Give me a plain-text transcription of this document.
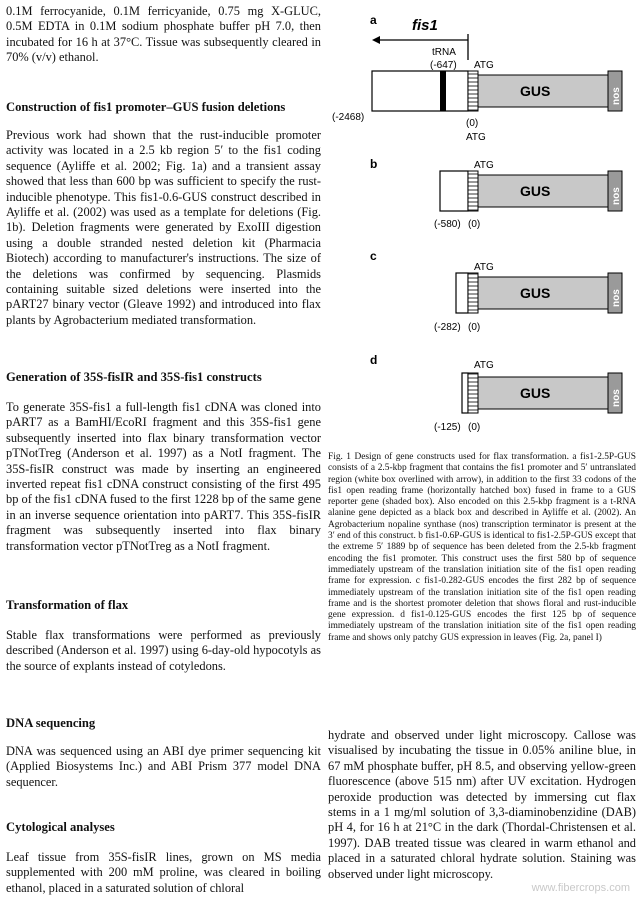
0.1M ferrocyanide, 0.1M ferricyanide, 0.75 mg X-GLUC, 0.5M EDTA in 0.1M sodium phosphate buffer pH 7.0, then incubated for 16 h at 37°C. Tissue was subsequently cleared in 70% (v/v) ethanol.

Construction of fis1 promoter–GUS fusion deletions

Previous work had shown that the rust-inducible promoter activity was located in a 2.5 kb region 5′ to the fis1 coding sequence (Ayliffe et al. 2002; Fig. 1a) and a transient assay showed that less than 600 bp was sufficient to specify the rust-inducible phenotype. This fis1-0.6-GUS construct described in Ayliffe et al. (2002) was used as a template for deletions (Fig. 1b). Deletion fragments were generated by ExoIII digestion using a double stranded nested deletion kit (Pharmacia Biotech) according to manufacturer's instructions. The size of the deletions was confirmed by sequencing. Plasmids containing suitable sized deletions were inserted into the pART27 binary vector (Gleave 1992) and introduced into flax plants by Agrobacterium mediated transformation.

Generation of 35S-fisIR and 35S-fis1 constructs

To generate 35S-fis1 a full-length fis1 cDNA was cloned into pART7 as a BamHI/EcoRI fragment and this 35S-fis1 gene subsequently inserted into flax binary transformation vector pTNotTreg (Anderson et al. 1997) as a NotI fragment. The 35S-fisIR construct was made by inserting an engineered inverted repeat fis1 cDNA construct consisting of the first 495 bp of the fis1 cDNA fused to the first 1228 bp of the same gene in an inverse sequence orientation into pART7. This 35S-fisIR fragment was subsequently inserted into flax binary transformation vector pTNotTreg as a NotI fragment.

Transformation of flax

Stable flax transformations were performed as previously described (Anderson et al. 1997) using 6-day-old hypocotyls as the source of explants instead of cotyledons.

DNA sequencing

DNA was sequenced using an ABI dye primer sequencing kit (Applied Biosystems Inc.) and ABI Prism 377 model DNA sequencer.

Cytological analyses

Leaf tissue from 35S-fisIR lines, grown on MS media supplemented with 200 mM proline, was cleared in boiling ethanol, placed in a saturated solution of chloral

a fis1
tRNA
(-647) ATG
GUS	nos
(-2468)
(0)
ATG
b	ATG
GUS	nos
(-580) (0)
c
ATG
GUS	nos
(-282) (0)
d	ATG
GUS	nos
(-125) (0)

Fig. 1 Design of gene constructs used for flax transformation. a fis1-2.5P-GUS consists of a 2.5-kbp fragment that contains the fis1 promoter and 5′ untranslated region (white box overlined with arrow), in addition to the first 33 codons of the fis1 open reading frame (horizontally hatched box) fused in frame to a GUS reporter gene (shaded box). Also encoded on this 2.5-kbp fragment is a t-RNA alanine gene depicted as a black box and described in Ayliffe et al. (2002). An Agrobacterium nopaline synthase (nos) transcription terminator is present at the 3′ end of this construct. b fis1-0.6P-GUS is identical to fis1-2.5P-GUS except that the extreme 5′ 1889 bp of sequence has been deleted from the 2.5-kb fragment encoding the fis1 promoter. This construct uses the first 580 bp of sequence immediately upstream of the translation initiation site of the fis1 open reading frame for expression. c fis1-0.282-GUS encodes the first 282 bp of sequence immediately upstream of the translation initiation site of the fis1 open reading frame and is the shortest promoter deletion that shows floral and rust-inducible gene expression. d fis1-0.125-GUS encodes the first 125 bp of sequence immediately upstream of the translation initiation site of the fis1 open reading frame and shows only patchy GUS expression in leaves (Fig. 2a, panel I)

hydrate and observed under light microscopy. Callose was visualised by incubating the tissue in 0.05% aniline blue, in 67 mM phosphate buffer, pH 8.5, and observing yellow-green fluorescence (above 515 nm) after UV excitation. Hydrogen peroxide production was detected by immersing cut flax stems in a 1 mg/ml solution of 3,3-diaminobenzidine (DAB) pH 4, for 16 h at 21°C in the dark (Thordal-Christensen et al. 1997). DAB treated tissue was cleared in warm ethanol and placed in a saturated chloral hydrate solution. Staining was observed under light microscopy.

www.fibercrops.com
